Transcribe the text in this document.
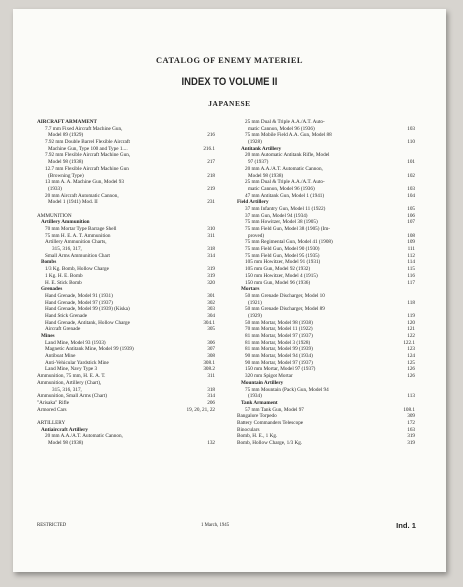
CATALOG OF ENEMY MATERIEL
INDEX TO VOLUME II
JAPANESE
AIRCRAFT ARMAMENT
7.7 mm Fixed Aircraft Machine Gun,
Model 89 (1929)	216
7.92 mm Double Barrel Flexible Aircraft
Machine Gun, Type 100 and Type 1....	216.1
7.92 mm Flexible Aircraft Machine Gun,
Model 98 (1938)	217
12.7 mm Flexible Aircraft Machine Gun
(Browning Type)	218
13 mm A. A. Machine Gun, Model 93
(1933)	219
20 mm Aircraft Automatic Cannon,
Model 1 (1941) Mod. II	231
AMMUNITION
Artillery Ammunition
70 mm Mortar Type Barrage Shell	310
75 mm H. E. A. T. Ammunition	311
Artillery Ammunition Charts,
315, 316, 317,	318
Small Arms Ammunition Chart	314
Bombs
1/3 Kg. Bomb, Hollow Charge	319
1 Kg. H. E. Bomb	319
H. E. Stick Bomb	320
Grenades
Hand Grenade, Model 91 (1931)	301
Hand Grenade, Model 97 (1937)	302
Hand Grenade, Model 99 (1939) (Kiska)	303
Hand Stick Grenade	304
Hand Grenade, Antitank, Hollow Charge	304.1
Aircraft Grenade	305
Mines
Land Mine, Model 93 (1933)	306
Magnetic Antitank Mine, Model 99 (1939)	307
Antiboat Mine	308
Anti-Vehicular Yardstick Mine	308.1
Land Mine, Navy Type 3	308.2
Ammunition, 75 mm, H. E. A. T.	311
Ammunition, Artillery (Chart),
315, 316, 317,	318
Ammunition, Small Arms (Chart)	314
"Arisaka" Rifle	206
Armored Cars	19, 20, 21, 22
ARTILLERY
Antiaircraft Artillery
20 mm A.A./A.T. Automatic Cannon,
Model 98 (1938)	132
25 mm Dual & Triple A.A./A.T. Auto-
matic Cannon, Model 96 (1936)	103
75 mm Mobile Field A.A. Gun, Model 88
(1928)	110
Antitank Artillery
20 mm Automatic Antitank Rifle, Model
97 (1937)	101
20 mm A.A./A.T. Automatic Cannon,
Model 98 (1938)	102
25 mm Dual & Triple A.A./A.T. Auto-
matic Cannon, Model 96 (1936)	103
47 mm Antitank Gun, Model 1 (1941)	104
Field Artillery
37 mm Infantry Gun, Model 11 (1922)	105
37 mm Gun, Model 94 (1934)	106
75 mm Howitzer, Model 38 (1905)	107
75 mm Field Gun, Model 38 (1905) (Im-
proved)	108
75 mm Regimental Gun, Model 41 (1908)	109
75 mm Field Gun, Model 90 (1930)	111
75 mm Field Gun, Model 95 (1935)	112
105 mm Howitzer, Model 91 (1931)	114
105 mm Gun, Model 92 (1932)	115
150 mm Howitzer, Model 4 (1915)	116
150 mm Gun, Model 96 (1936)	117
Mortars
50 mm Grenade Discharger, Model 10
(1921)	118
50 mm Grenade Discharger, Model 89
(1929)	119
50 mm Mortar, Model 98 (1938)	120
70 mm Mortar, Model 11 (1922)	121
81 mm Mortar, Model 97 (1937)	122
81 mm Mortar, Model 3 (1928)	122.1
81 mm Mortar, Model 99 (1939)	123
90 mm Mortar, Model 94 (1934)	124
90 mm Mortar, Model 97 (1937)	125
150 mm Mortar, Model 97 (1937)	126
320 mm Spigot Mortar	126
Mountain Artillery
75 mm Mountain (Pack) Gun, Model 94
(1934)	113
Tank Armament
57 mm Tank Gun, Model 97	108.1
Bangalore Torpedo	309
Battery Commanders Telescope	172
Binoculars	163
Bomb, H. E., 1 Kg.	319
Bomb, Hollow Charge, 1/3 Kg.	319
RESTRICTED	1 March, 1945	Ind. 1
